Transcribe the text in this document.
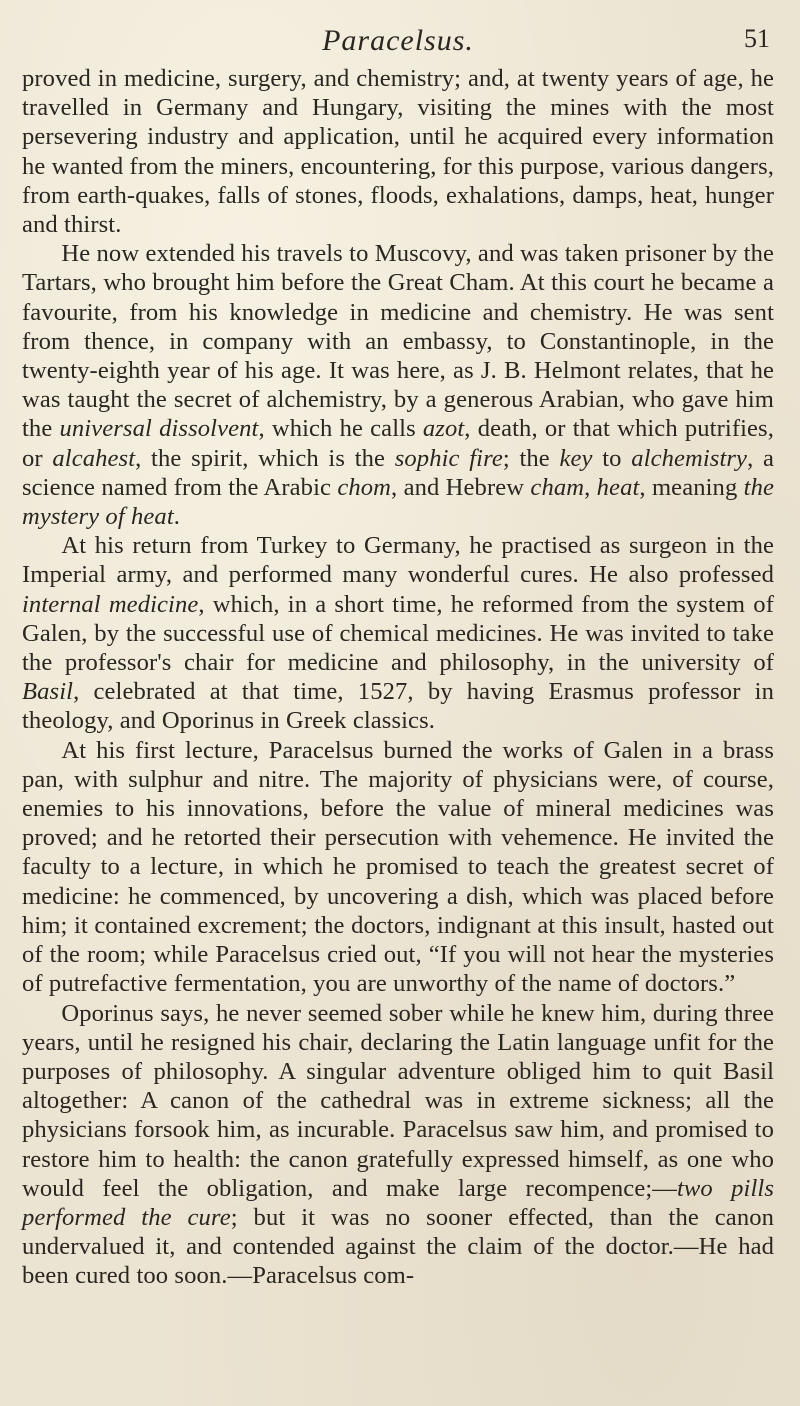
Paracelsus.	51

proved in medicine, surgery, and chemistry; and, at twenty years of age, he travelled in Germany and Hungary, visiting the mines with the most persevering industry and application, until he acquired every information he wanted from the miners, encountering, for this purpose, various dangers, from earth-quakes, falls of stones, floods, exhalations, damps, heat, hunger and thirst.

He now extended his travels to Muscovy, and was taken prisoner by the Tartars, who brought him before the Great Cham. At this court he became a favourite, from his knowledge in medicine and chemistry. He was sent from thence, in company with an embassy, to Constantinople, in the twenty-eighth year of his age. It was here, as J. B. Helmont relates, that he was taught the secret of alchemistry, by a generous Arabian, who gave him the universal dissolvent, which he calls azot, death, or that which putrifies, or alcahest, the spirit, which is the sophic fire; the key to alchemistry, a science named from the Arabic chom, and Hebrew cham, heat, meaning the mystery of heat.

At his return from Turkey to Germany, he practised as surgeon in the Imperial army, and performed many wonderful cures. He also professed internal medicine, which, in a short time, he reformed from the system of Galen, by the successful use of chemical medicines. He was invited to take the professor's chair for medicine and philosophy, in the university of Basil, celebrated at that time, 1527, by having Erasmus professor in theology, and Oporinus in Greek classics.

At his first lecture, Paracelsus burned the works of Galen in a brass pan, with sulphur and nitre. The majority of physicians were, of course, enemies to his innovations, before the value of mineral medicines was proved; and he retorted their persecution with vehemence. He invited the faculty to a lecture, in which he promised to teach the greatest secret of medicine: he commenced, by uncovering a dish, which was placed before him; it contained excrement; the doctors, indignant at this insult, hasted out of the room; while Paracelsus cried out, “If you will not hear the mysteries of putrefactive fermentation, you are unworthy of the name of doctors.”

Oporinus says, he never seemed sober while he knew him, during three years, until he resigned his chair, declaring the Latin language unfit for the purposes of philosophy. A singular adventure obliged him to quit Basil altogether: A canon of the cathedral was in extreme sickness; all the physicians forsook him, as incurable. Paracelsus saw him, and promised to restore him to health: the canon gratefully expressed himself, as one who would feel the obligation, and make large recompence;—two pills performed the cure; but it was no sooner effected, than the canon undervalued it, and contended against the claim of the doctor.—He had been cured too soon.—Paracelsus com-
